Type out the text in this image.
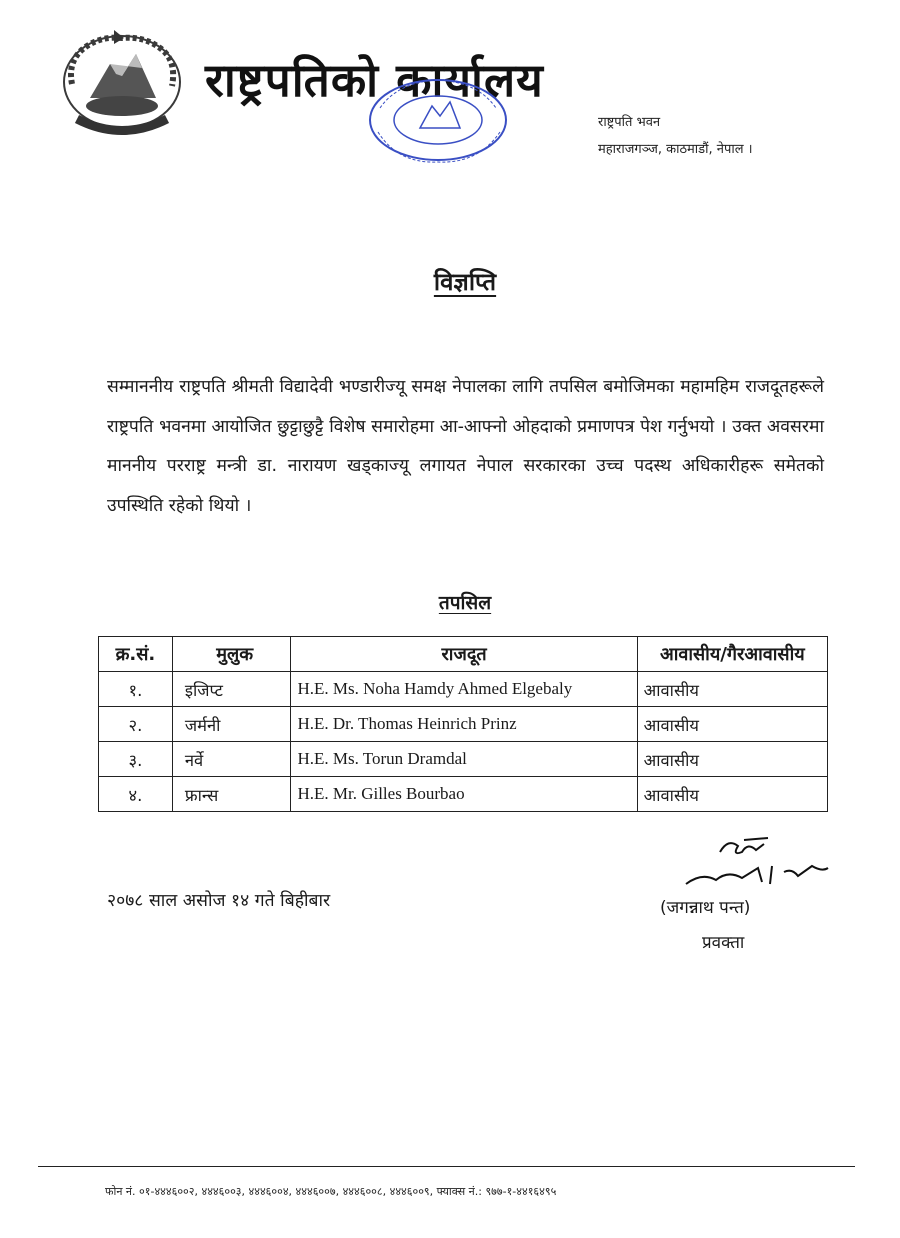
राष्ट्रपतिको कार्यालय
राष्ट्रपति भवन
महाराजगञ्ज, काठमाडौं, नेपाल ।
विज्ञप्ति
सम्माननीय राष्ट्रपति श्रीमती विद्यादेवी भण्डारीज्यू समक्ष नेपालका लागि तपसिल बमोजिमका महामहिम राजदूतहरूले राष्ट्रपति भवनमा आयोजित छुट्टाछुट्टै विशेष समारोहमा आ-आफ्नो ओहदाको प्रमाणपत्र पेश गर्नुभयो । उक्त अवसरमा माननीय परराष्ट्र मन्त्री डा. नारायण खड्काज्यू लगायत नेपाल सरकारका उच्च पदस्थ अधिकारीहरू समेतको उपस्थिति रहेको थियो ।
तपसिल
क्र.सं.	मुलुक	राजदूत	आवासीय/गैरआवासीय
१.	इजिप्ट	H.E. Ms. Noha Hamdy Ahmed Elgebaly	आवासीय
२.	जर्मनी	H.E. Dr. Thomas Heinrich Prinz	आवासीय
३.	नर्वे	H.E. Ms. Torun Dramdal	आवासीय
४.	फ्रान्स	H.E. Mr. Gilles Bourbao	आवासीय
२०७८ साल असोज १४ गते बिहीबार	(जगन्नाथ पन्त)
प्रवक्ता
फोन नं. ०१-४४४६००२, ४४४६००३, ४४४६००४, ४४४६००७, ४४४६००८, ४४४६००९, फ्याक्स नं.: ९७७-१-४४१६४९५
